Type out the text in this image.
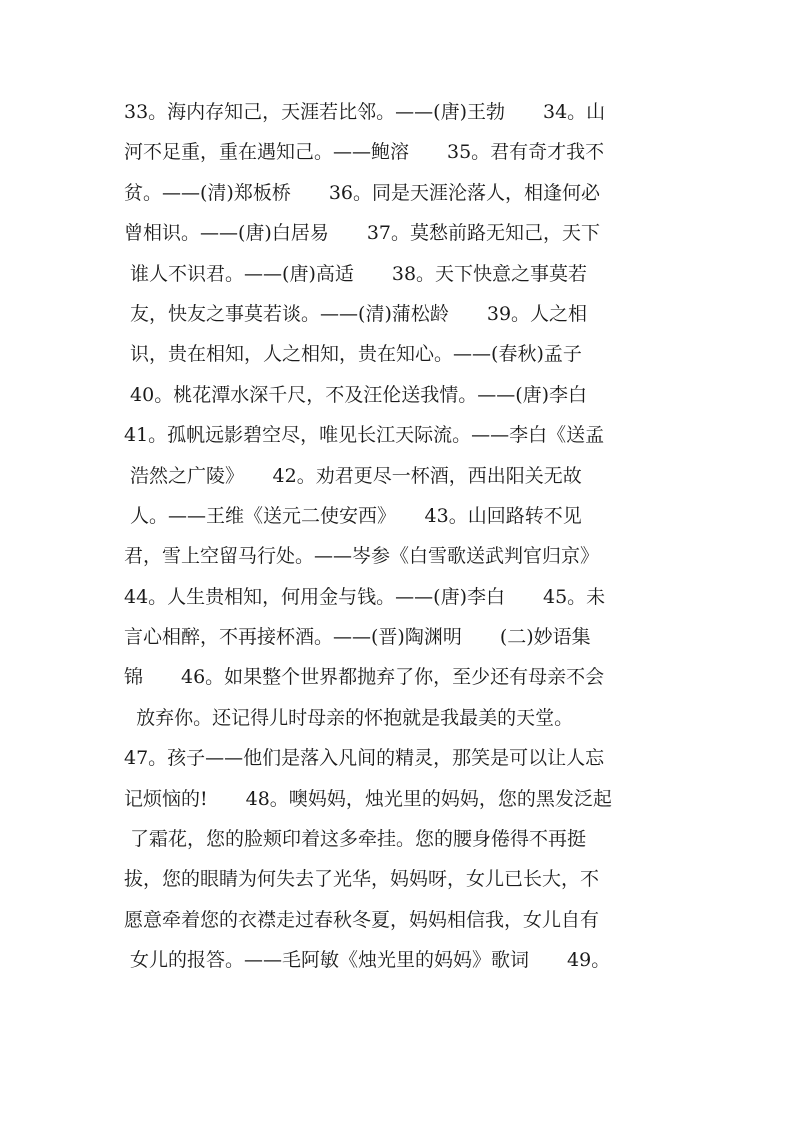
33。海内存知己，天涯若比邻。——(唐)王勃　　34。山
河不足重，重在遇知己。——鲍溶　　35。君有奇才我不
贫。——(清)郑板桥　　36。同是天涯沦落人，相逢何必
曾相识。——(唐)白居易　　37。莫愁前路无知己，天下
谁人不识君。——(唐)高适　　38。天下快意之事莫若
友，快友之事莫若谈。——(清)蒲松龄　　39。人之相
识，贵在相知，人之相知，贵在知心。——(春秋)孟子
40。桃花潭水深千尺，不及汪伦送我情。——(唐)李白
41。孤帆远影碧空尽，唯见长江天际流。——李白《送孟
浩然之广陵》　　42。劝君更尽一杯酒，西出阳关无故
人。——王维《送元二使安西》　　43。山回路转不见
君，雪上空留马行处。——岑参《白雪歌送武判官归京》
44。人生贵相知，何用金与钱。——(唐)李白　　45。未
言心相醉，不再接杯酒。——(晋)陶渊明　　(二)妙语集
锦　　46。如果整个世界都抛弃了你，至少还有母亲不会
放弃你。还记得儿时母亲的怀抱就是我最美的天堂。
47。孩子——他们是落入凡间的精灵，那笑是可以让人忘
记烦恼的!　　48。噢妈妈，烛光里的妈妈，您的黑发泛起
了霜花，您的脸颊印着这多牵挂。您的腰身倦得不再挺
拔，您的眼睛为何失去了光华，妈妈呀，女儿已长大，不
愿意牵着您的衣襟走过春秋冬夏，妈妈相信我，女儿自有
女儿的报答。——毛阿敏《烛光里的妈妈》歌词　　49。
